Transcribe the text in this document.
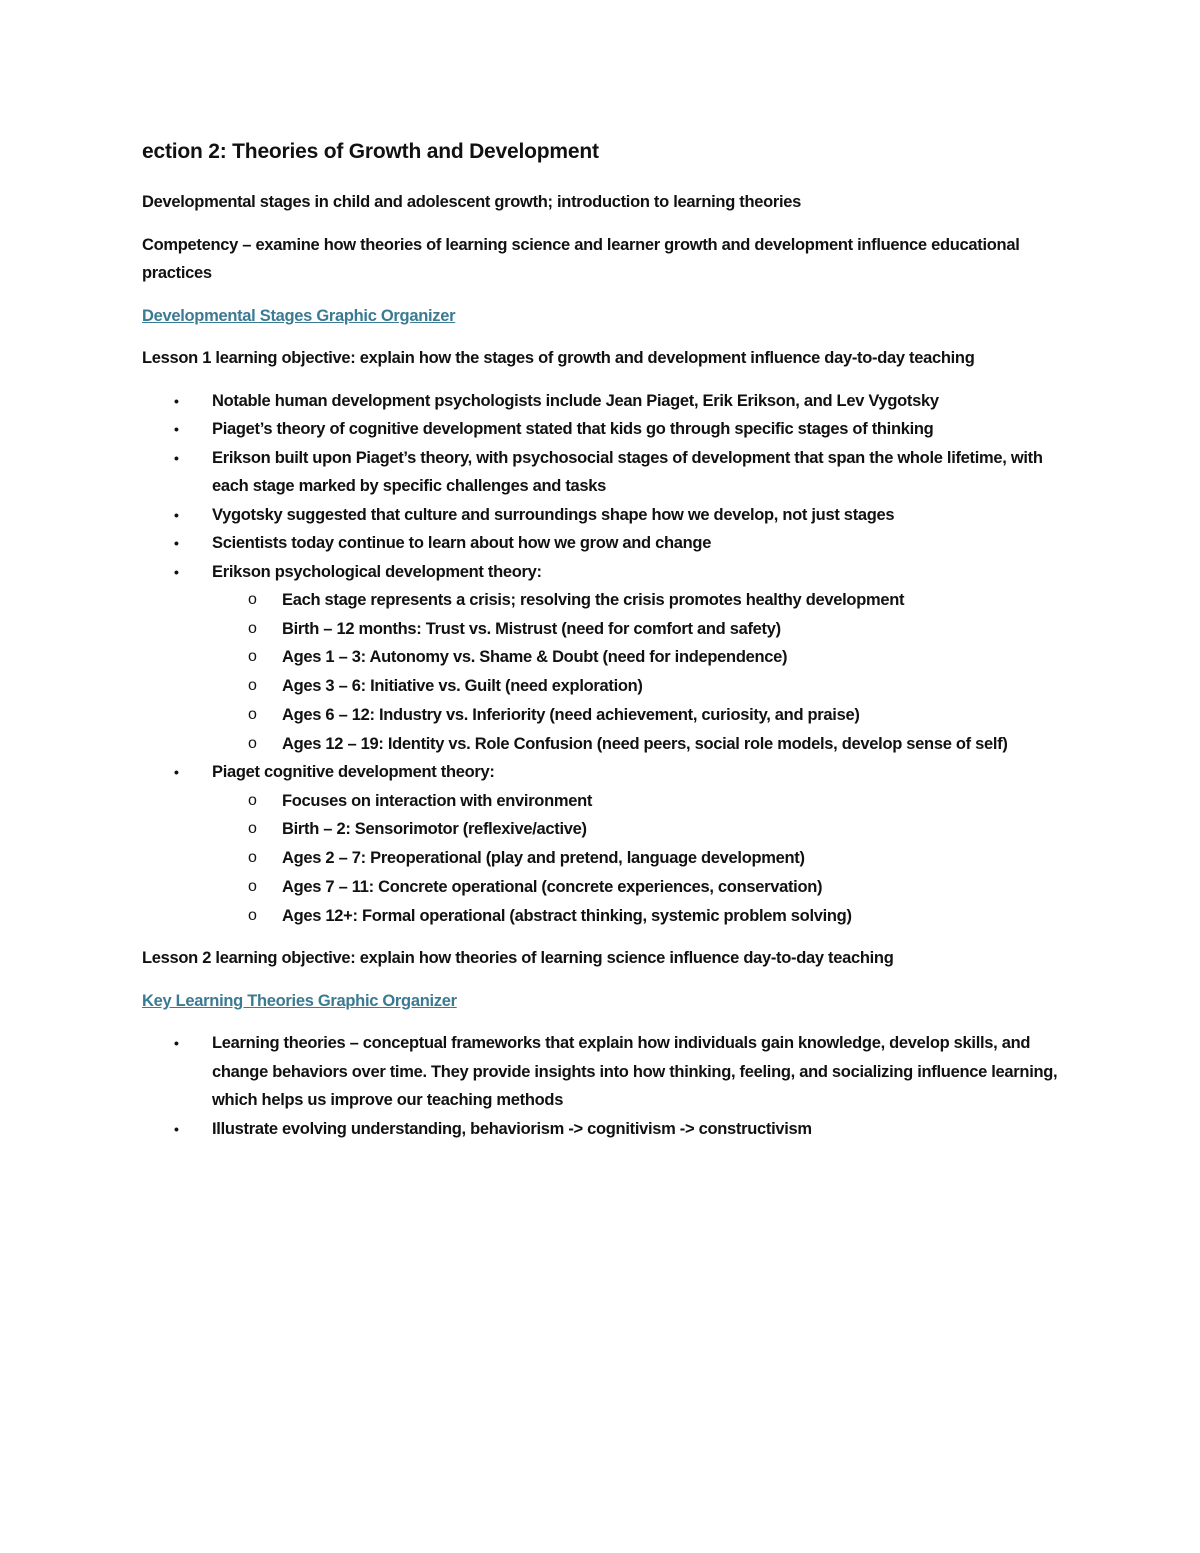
ection 2: Theories of Growth and Development
Developmental stages in child and adolescent growth; introduction to learning theories
Competency – examine how theories of learning science and learner growth and development influence educational practices
Developmental Stages Graphic Organizer
Lesson 1 learning objective: explain how the stages of growth and development influence day-to-day teaching
• Notable human development psychologists include Jean Piaget, Erik Erikson, and Lev Vygotsky
• Piaget’s theory of cognitive development stated that kids go through specific stages of thinking
• Erikson built upon Piaget’s theory, with psychosocial stages of development that span the whole lifetime, with each stage marked by specific challenges and tasks
• Vygotsky suggested that culture and surroundings shape how we develop, not just stages
• Scientists today continue to learn about how we grow and change
• Erikson psychological development theory:
o Each stage represents a crisis; resolving the crisis promotes healthy development
o Birth – 12 months: Trust vs. Mistrust (need for comfort and safety)
o Ages 1 – 3: Autonomy vs. Shame & Doubt (need for independence)
o Ages 3 – 6: Initiative vs. Guilt (need exploration)
o Ages 6 – 12: Industry vs. Inferiority (need achievement, curiosity, and praise)
o Ages 12 – 19: Identity vs. Role Confusion (need peers, social role models, develop sense of self)
• Piaget cognitive development theory:
o Focuses on interaction with environment
o Birth – 2: Sensorimotor (reflexive/active)
o Ages 2 – 7: Preoperational (play and pretend, language development)
o Ages 7 – 11: Concrete operational (concrete experiences, conservation)
o Ages 12+: Formal operational (abstract thinking, systemic problem solving)
Lesson 2 learning objective: explain how theories of learning science influence day-to-day teaching
Key Learning Theories Graphic Organizer
• Learning theories – conceptual frameworks that explain how individuals gain knowledge, develop skills, and change behaviors over time. They provide insights into how thinking, feeling, and socializing influence learning, which helps us improve our teaching methods
• Illustrate evolving understanding, behaviorism -> cognitivism -> constructivism
